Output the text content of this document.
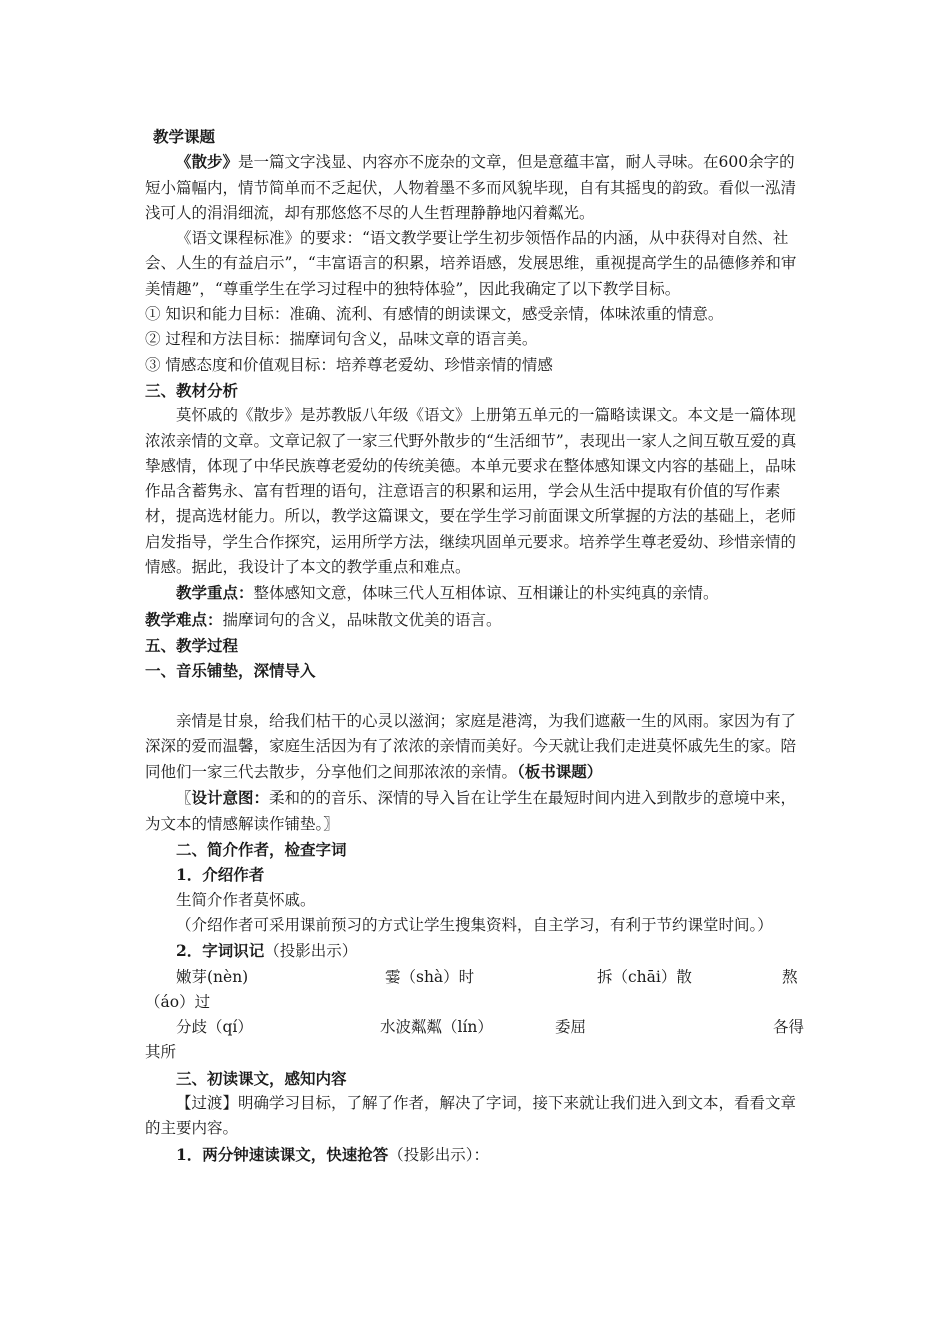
教学课题

《散步》是一篇文字浅显、内容亦不庞杂的文章，但是意蕴丰富，耐人寻味。在600余字的短小篇幅内，情节简单而不乏起伏，人物着墨不多而风貌毕现，自有其摇曳的韵致。看似一泓清浅可人的涓涓细流，却有那悠悠不尽的人生哲理静静地闪着粼光。

《语文课程标准》的要求：“语文教学要让学生初步领悟作品的内涵，从中获得对自然、社会、人生的有益启示”，“丰富语言的积累，培养语感，发展思维，重视提高学生的品德修养和审美情趣”，“尊重学生在学习过程中的独特体验”，因此我确定了以下教学目标。

① 知识和能力目标：准确、流利、有感情的朗读课文，感受亲情，体味浓重的情意。

② 过程和方法目标：揣摩词句含义，品味文章的语言美。

③ 情感态度和价值观目标：培养尊老爱幼、珍惜亲情的情感

三、教材分析

莫怀戚的《散步》是苏教版八年级《语文》上册第五单元的一篇略读课文。本文是一篇体现浓浓亲情的文章。文章记叙了一家三代野外散步的“生活细节”，表现出一家人之间互敬互爱的真挚感情，体现了中华民族尊老爱幼的传统美德。本单元要求在整体感知课文内容的基础上，品味作品含蓄隽永、富有哲理的语句，注意语言的积累和运用，学会从生活中提取有价值的写作素材，提高选材能力。所以，教学这篇课文，要在学生学习前面课文所掌握的方法的基础上，老师启发指导，学生合作探究，运用所学方法，继续巩固单元要求。培养学生尊老爱幼、珍惜亲情的情感。据此，我设计了本文的教学重点和难点。

教学重点：整体感知文意，体味三代人互相体谅、互相谦让的朴实纯真的亲情。

教学难点：揣摩词句的含义，品味散文优美的语言。

五、教学过程

一、音乐铺垫，深情导入

亲情是甘泉，给我们枯干的心灵以滋润；家庭是港湾，为我们遮蔽一生的风雨。家因为有了深深的爱而温馨，家庭生活因为有了浓浓的亲情而美好。今天就让我们走进莫怀戚先生的家。陪同他们一家三代去散步，分享他们之间那浓浓的亲情。（板书课题）

〖设计意图：柔和的的音乐、深情的导入旨在让学生在最短时间内进入到散步的意境中来，为文本的情感解读作铺垫。〗

二、简介作者，检查字词

1．介绍作者

生简介作者莫怀戚。

（介绍作者可采用课前预习的方式让学生搜集资料，自主学习，有利于节约课堂时间。）

2．字词识记（投影出示）

嫩芽(nèn)	霎（shà）时	拆（chāi）散	熬

（áo）过

分歧（qí）	水波粼粼（lín）	委屈	各得

其所

三、初读课文，感知内容

【过渡】明确学习目标，了解了作者，解决了字词，接下来就让我们进入到文本，看看文章的主要内容。

1．两分钟速读课文，快速抢答（投影出示）：
